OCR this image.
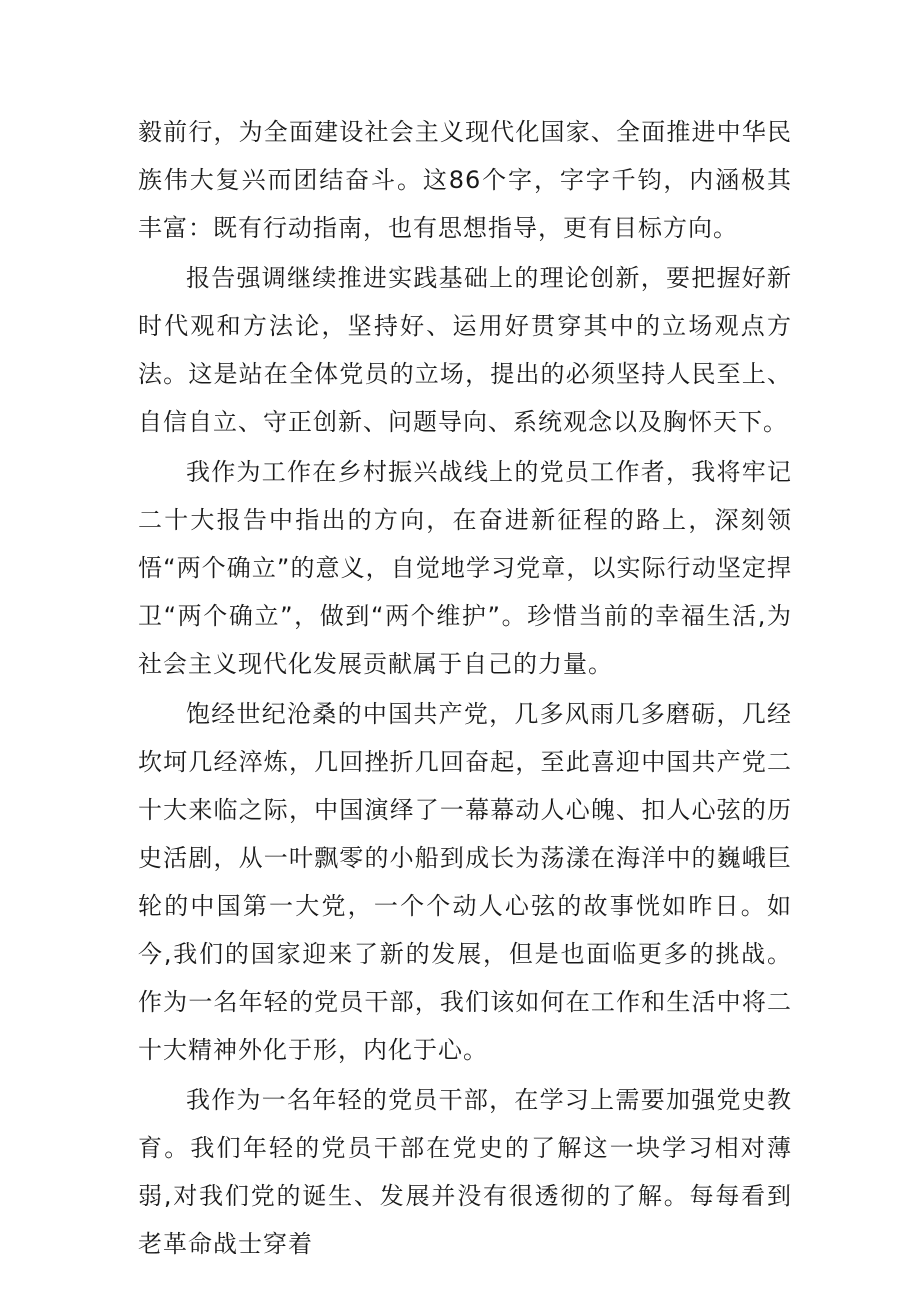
毅前行，为全面建设社会主义现代化国家、全面推进中华民族伟大复兴而团结奋斗。这86个字，字字千钧，内涵极其丰富：既有行动指南，也有思想指导，更有目标方向。

报告强调继续推进实践基础上的理论创新，要把握好新时代观和方法论，坚持好、运用好贯穿其中的立场观点方法。这是站在全体党员的立场，提出的必须坚持人民至上、自信自立、守正创新、问题导向、系统观念以及胸怀天下。

我作为工作在乡村振兴战线上的党员工作者，我将牢记二十大报告中指出的方向，在奋进新征程的路上，深刻领悟“两个确立”的意义，自觉地学习党章，以实际行动坚定捍卫“两个确立”，做到“两个维护”。珍惜当前的幸福生活,为社会主义现代化发展贡献属于自己的力量。

饱经世纪沧桑的中国共产党，几多风雨几多磨砺，几经坎坷几经淬炼，几回挫折几回奋起，至此喜迎中国共产党二十大来临之际，中国演绎了一幕幕动人心魄、扣人心弦的历史活剧，从一叶飘零的小船到成长为荡漾在海洋中的巍峨巨轮的中国第一大党，一个个动人心弦的故事恍如昨日。如今,我们的国家迎来了新的发展，但是也面临更多的挑战。作为一名年轻的党员干部，我们该如何在工作和生活中将二十大精神外化于形，内化于心。

我作为一名年轻的党员干部，在学习上需要加强党史教育。我们年轻的党员干部在党史的了解这一块学习相对薄弱,对我们党的诞生、发展并没有很透彻的了解。每每看到老革命战士穿着
